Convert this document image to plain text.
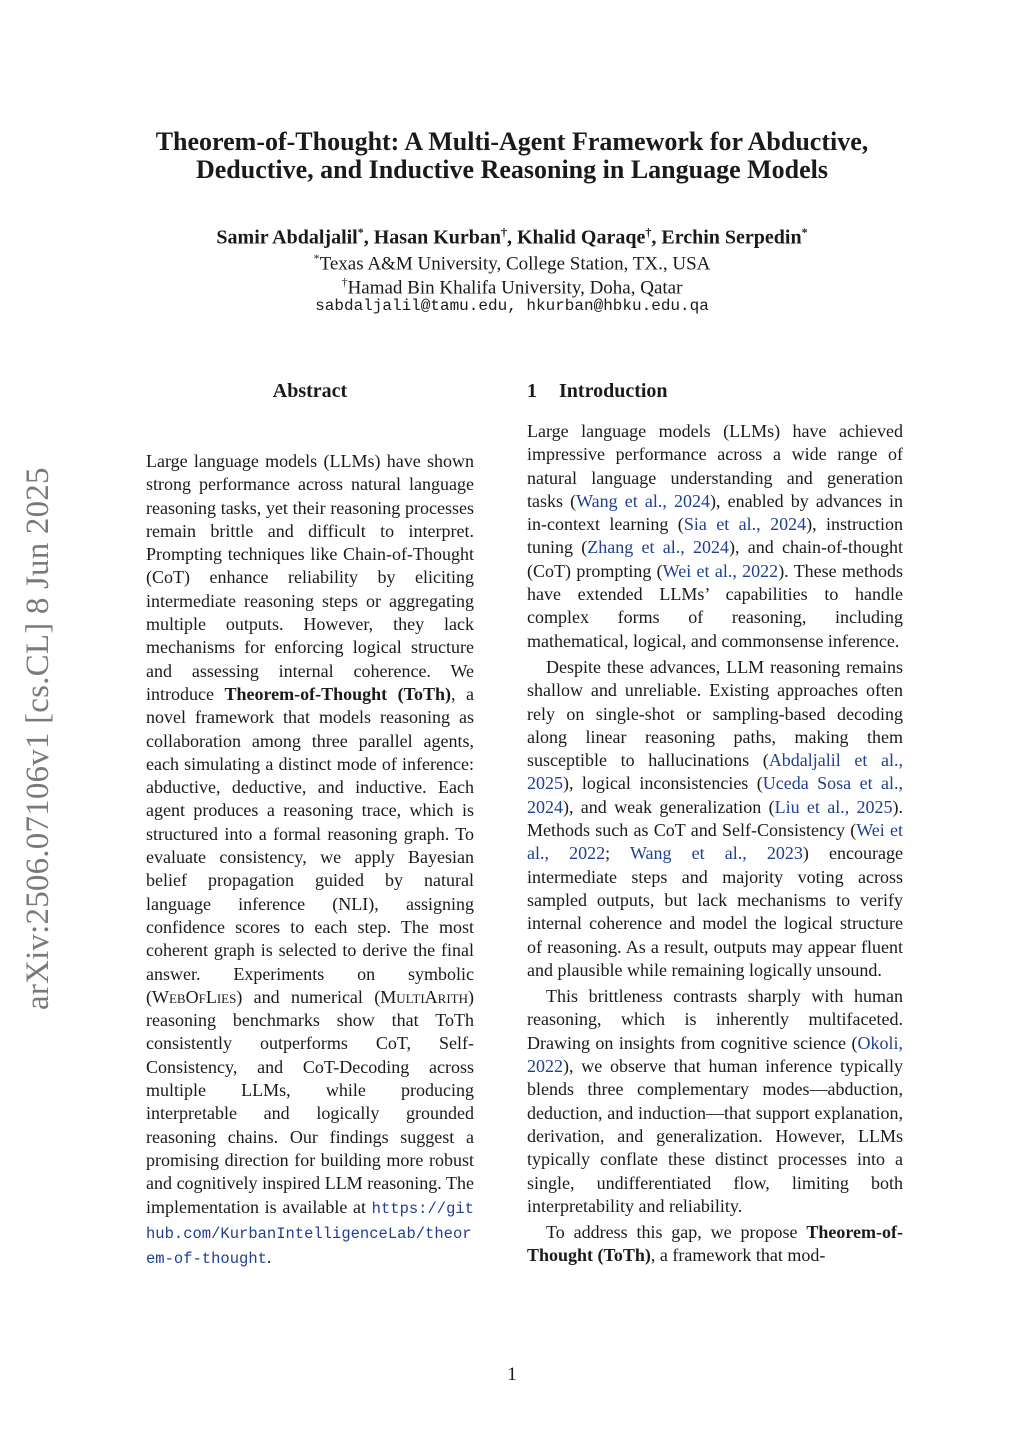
arXiv:2506.07106v1 [cs.CL] 8 Jun 2025
Theorem-of-Thought: A Multi-Agent Framework for Abductive,
Deductive, and Inductive Reasoning in Language Models
Samir Abdaljalil*, Hasan Kurban†, Khalid Qaraqe†, Erchin Serpedin*
*Texas A&M University, College Station, TX., USA
†Hamad Bin Khalifa University, Doha, Qatar
sabdaljalil@tamu.edu, hkurban@hbku.edu.qa
Abstract	1 Introduction

Large language models (LLMs) have shown strong performance across natural language reasoning tasks, yet their reasoning processes remain brittle and difficult to interpret. Prompting techniques like Chain-of-Thought (CoT) enhance reliability by eliciting intermediate reasoning steps or aggregating multiple outputs. However, they lack mechanisms for enforcing logical structure and assessing internal coherence. We introduce Theorem-of-Thought (ToTh), a novel framework that models reasoning as collaboration among three parallel agents, each simulating a distinct mode of inference: abductive, deductive, and inductive. Each agent produces a reasoning trace, which is structured into a formal reasoning graph. To evaluate consistency, we apply Bayesian belief propagation guided by natural language inference (NLI), assigning confidence scores to each step. The most coherent graph is selected to derive the final answer. Experiments on symbolic (WebOfLies) and numerical (MultiArith) reasoning benchmarks show that ToTh consistently outperforms CoT, Self-Consistency, and CoT-Decoding across multiple LLMs, while producing interpretable and logically grounded reasoning chains. Our findings suggest a promising direction for building more robust and cognitively inspired LLM reasoning. The implementation is available at https://github.com/KurbanIntelligenceLab/theorem-of-thought.

Large language models (LLMs) have achieved impressive performance across a wide range of natural language understanding and generation tasks (Wang et al., 2024), enabled by advances in in-context learning (Sia et al., 2024), instruction tuning (Zhang et al., 2024), and chain-of-thought (CoT) prompting (Wei et al., 2022). These methods have extended LLMs’ capabilities to handle complex forms of reasoning, including mathematical, logical, and commonsense inference.

Despite these advances, LLM reasoning remains shallow and unreliable. Existing approaches often rely on single-shot or sampling-based decoding along linear reasoning paths, making them susceptible to hallucinations (Abdaljalil et al., 2025), logical inconsistencies (Uceda Sosa et al., 2024), and weak generalization (Liu et al., 2025). Methods such as CoT and Self-Consistency (Wei et al., 2022; Wang et al., 2023) encourage intermediate steps and majority voting across sampled outputs, but lack mechanisms to verify internal coherence and model the logical structure of reasoning. As a result, outputs may appear fluent and plausible while remaining logically unsound.

This brittleness contrasts sharply with human reasoning, which is inherently multifaceted. Drawing on insights from cognitive science (Okoli, 2022), we observe that human inference typically blends three complementary modes—abduction, deduction, and induction—that support explanation, derivation, and generalization. However, LLMs typically conflate these distinct processes into a single, undifferentiated flow, limiting both interpretability and reliability.

To address this gap, we propose Theorem-of-Thought (ToTh), a framework that mod-

1
